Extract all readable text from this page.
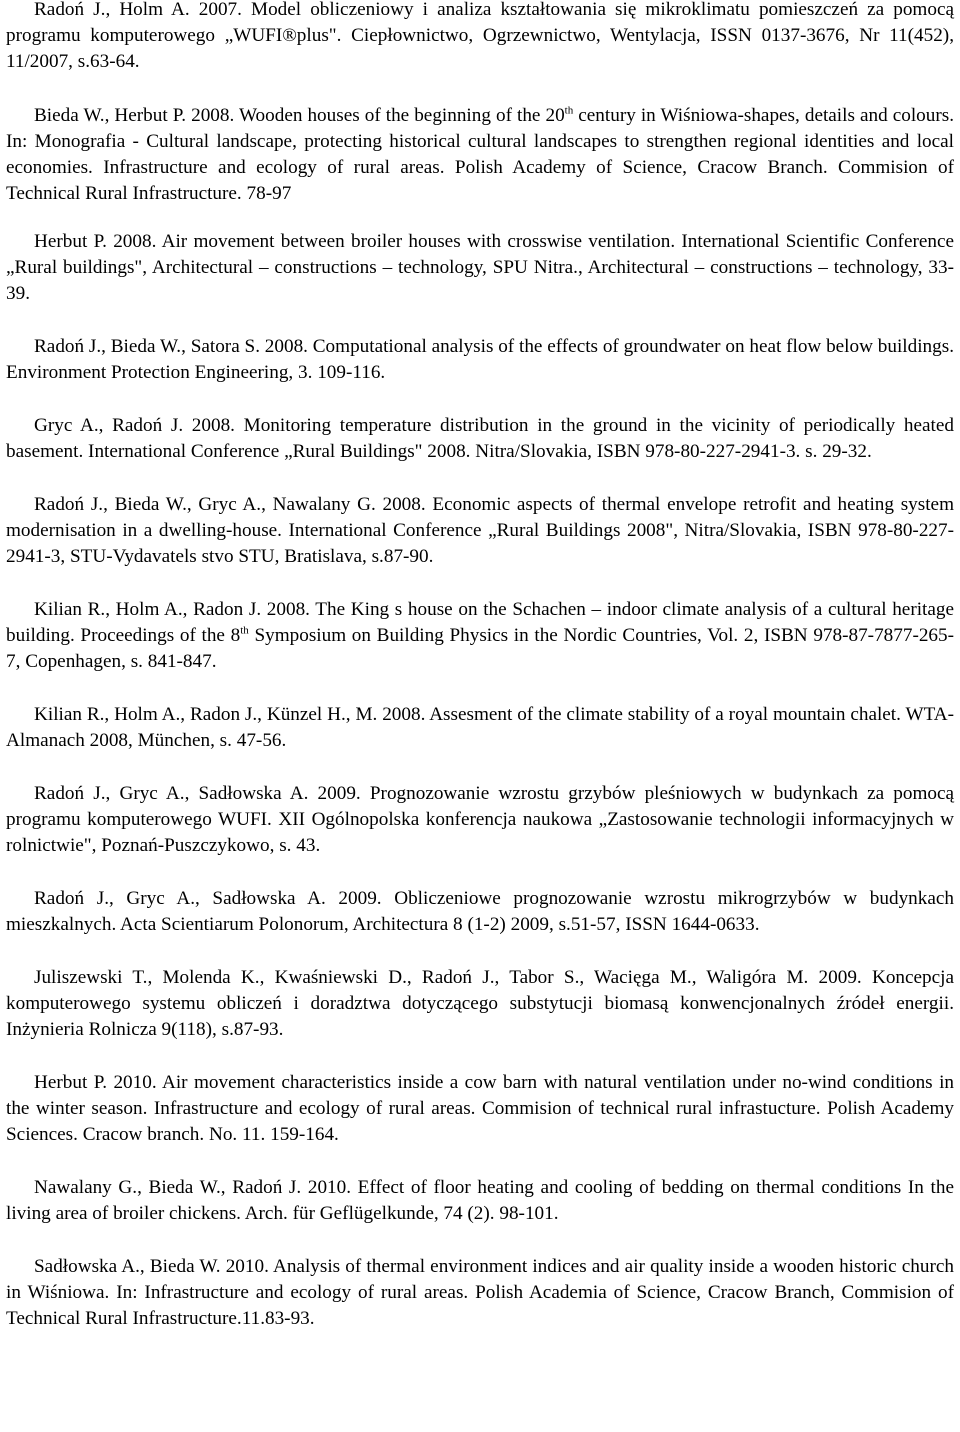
Radoń J., Holm A. 2007. Model obliczeniowy i analiza kształtowania się mikroklimatu pomieszczeń za pomocą programu komputerowego „WUFI®plus". Ciepłownictwo, Ogrzewnictwo, Wentylacja, ISSN 0137-3676, Nr 11(452), 11/2007, s.63-64.

Bieda W., Herbut P. 2008. Wooden houses of the beginning of the 20th century in Wiśniowa-shapes, details and colours. In: Monografia - Cultural landscape, protecting historical cultural landscapes to strengthen regional identities and local economies. Infrastructure and ecology of rural areas. Polish Academy of Science, Cracow Branch. Commision of Technical Rural Infrastructure. 78-97

Herbut P. 2008. Air movement between broiler houses with crosswise ventilation. International Scientific Conference „Rural buildings", Architectural – constructions – technology, SPU Nitra., Architectural – constructions – technology, 33-39.

Radoń J., Bieda W., Satora S. 2008. Computational analysis of the effects of groundwater on heat flow below buildings. Environment Protection Engineering, 3. 109-116.

Gryc A., Radoń J. 2008. Monitoring temperature distribution in the ground in the vicinity of periodically heated basement. International Conference „Rural Buildings" 2008. Nitra/Slovakia, ISBN 978-80-227-2941-3. s. 29-32.

Radoń J., Bieda W., Gryc A., Nawalany G. 2008. Economic aspects of thermal envelope retrofit and heating system modernisation in a dwelling-house. International Conference „Rural Buildings 2008", Nitra/Slovakia, ISBN 978-80-227-2941-3, STU-Vydavatels stvo STU, Bratislava, s.87-90.

Kilian R., Holm A., Radon J. 2008. The King s house on the Schachen – indoor climate analysis of a cultural heritage building. Proceedings of the 8th Symposium on Building Physics in the Nordic Countries, Vol. 2, ISBN 978-87-7877-265-7, Copenhagen, s. 841-847.

Kilian R., Holm A., Radon J., Künzel H., M. 2008. Assesment of the climate stability of a royal mountain chalet. WTA-Almanach 2008, München, s. 47-56.

Radoń J., Gryc A., Sadłowska A. 2009. Prognozowanie wzrostu grzybów pleśniowych w budynkach za pomocą programu komputerowego WUFI. XII Ogólnopolska konferencja naukowa „Zastosowanie technologii informacyjnych w rolnictwie", Poznań-Puszczykowo, s. 43.

Radoń J., Gryc A., Sadłowska A. 2009. Obliczeniowe prognozowanie wzrostu mikrogrzybów w budynkach mieszkalnych. Acta Scientiarum Polonorum, Architectura 8 (1-2) 2009, s.51-57, ISSN 1644-0633.

Juliszewski T., Molenda K., Kwaśniewski D., Radoń J., Tabor S., Wacięga M., Waligóra M. 2009. Koncepcja komputerowego systemu obliczeń i doradztwa dotyczącego substytucji biomasą konwencjonalnych źródeł energii. Inżynieria Rolnicza 9(118), s.87-93.

Herbut P. 2010. Air movement characteristics inside a cow barn with natural ventilation under no-wind conditions in the winter season. Infrastructure and ecology of rural areas. Commision of technical rural infrastucture. Polish Academy Sciences. Cracow branch. No. 11. 159-164.

Nawalany G., Bieda W., Radoń J. 2010. Effect of floor heating and cooling of bedding on thermal conditions In the living area of broiler chickens. Arch. für Geflügelkunde, 74 (2). 98-101.

Sadłowska A., Bieda W. 2010. Analysis of thermal environment indices and air quality inside a wooden historic church in Wiśniowa. In: Infrastructure and ecology of rural areas. Polish Academia of Science, Cracow Branch, Commision of Technical Rural Infrastructure.11.83-93.
